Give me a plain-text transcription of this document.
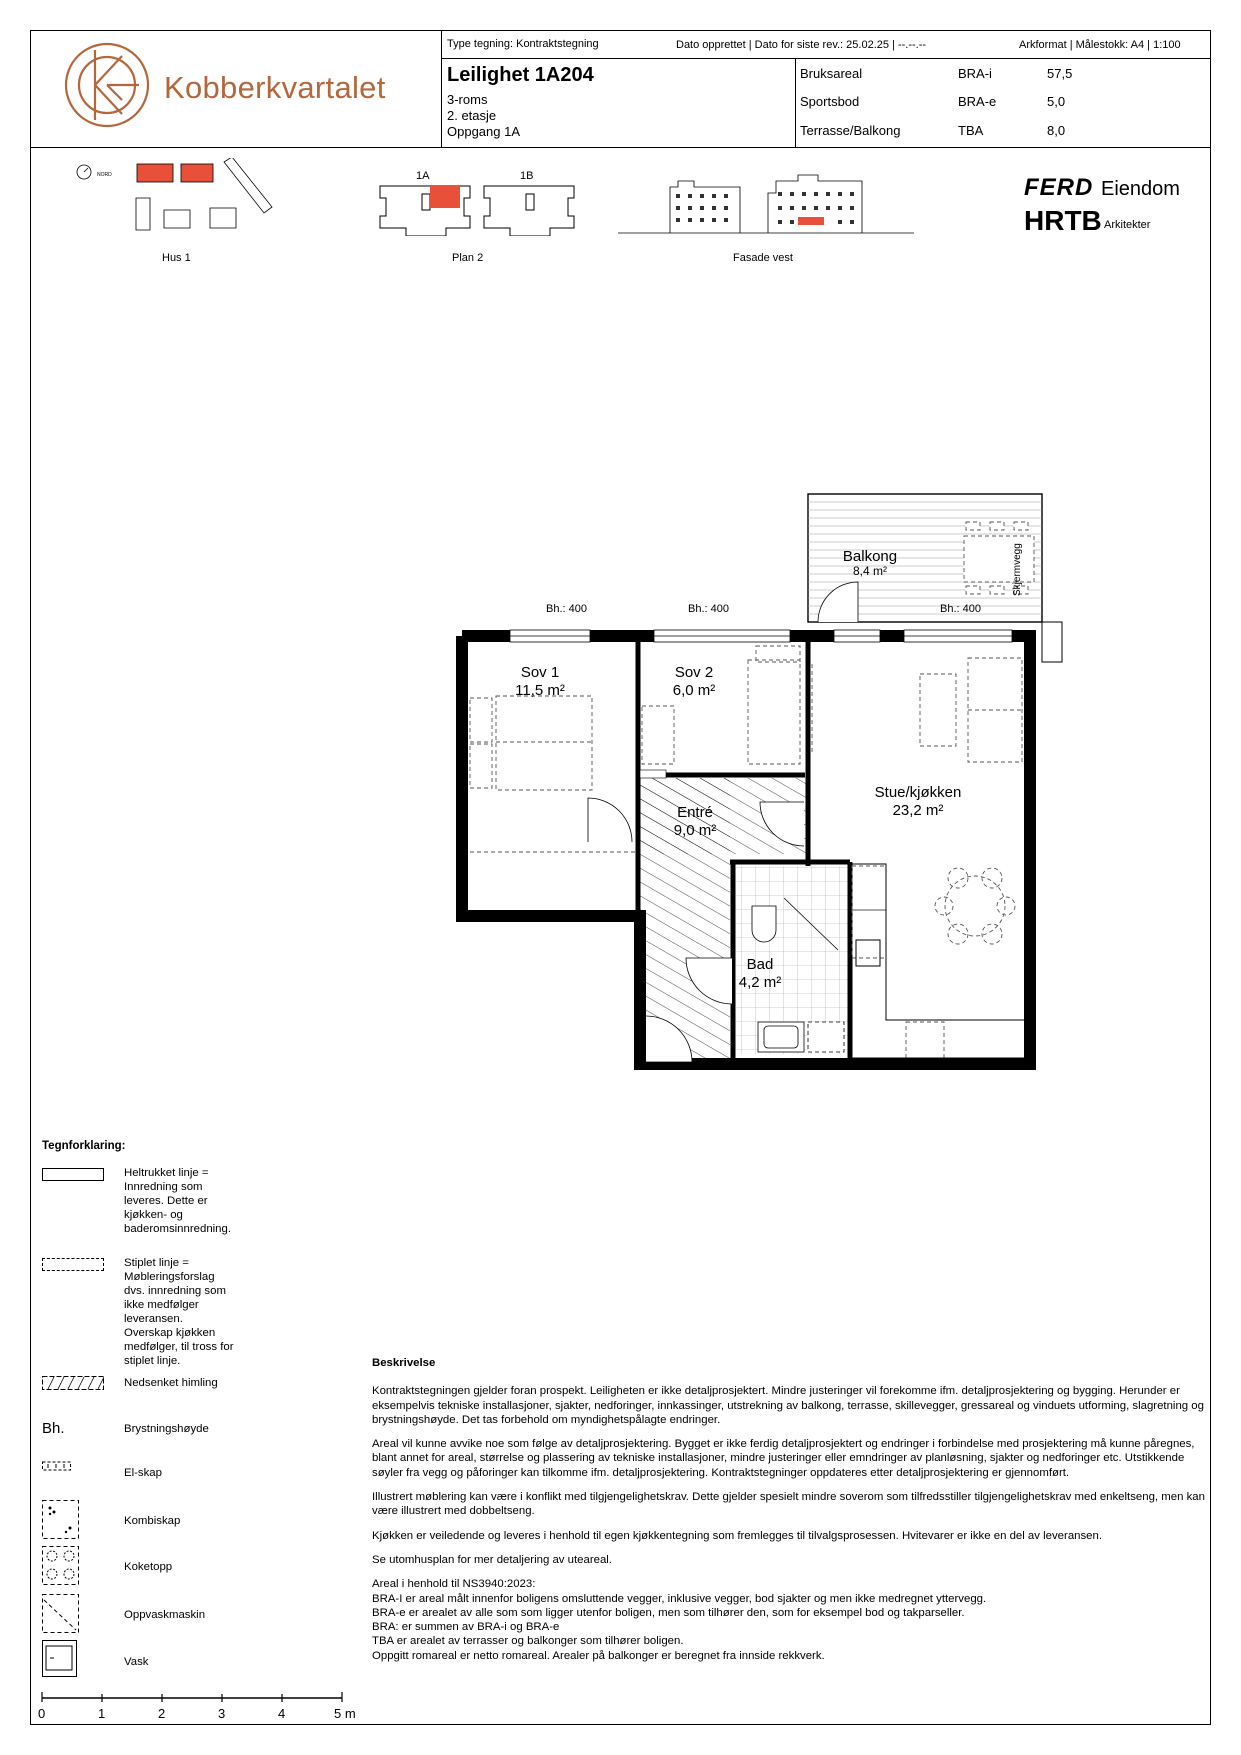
Kobberkvartalet
Type tegning: Kontraktstegning	Dato opprettet | Dato for siste rev.: 25.02.25 | --.--.--	Arkformat | Målestokk: A4 | 1:100
Leilighet 1A204
3-roms
2. etasje
Oppgang 1A
Bruksareal	BRA-i	57,5
Sportsbod	BRA-e	5,0
Terrasse/Balkong	TBA	8,0
NORD
Hus 1
1A	1B
Plan 2	Fasade vest
FERD Eiendom
HRTB Arkitekter
Sov 1
11,5 m²
Sov 2
6,0 m²
Entré
9,0 m²
Bad
4,2 m²
Stue/kjøkken
23,2 m²
Balkong
8,4 m²
Bh.: 400	Bh.: 400	Bh.: 400
Skjermvegg
Tegnforklaring:
Heltrukket linje = Innredning som leveres. Dette er kjøkken- og baderomsinnredning.
Stiplet linje = Møbleringsforslag dvs. innredning som ikke medfølger leveransen. Overskap kjøkken medfølger, til tross for stiplet linje.
Nedsenket himling
Bh.	Brystningshøyde
El-skap
Kombiskap
Koketopp
Oppvaskmaskin
Vask
0	1	2	3	4	5 m

Beskrivelse

Kontraktstegningen gjelder foran prospekt. Leiligheten er ikke detaljprosjektert. Mindre justeringer vil forekomme ifm. detaljprosjektering og bygging. Herunder er eksempelvis tekniske installasjoner, sjakter, nedforinger, innkassinger, utstrekning av balkong, terrasse, skillevegger, gressareal og vinduets utforming, slagretning og brystningshøyde. Det tas forbehold om myndighetspålagte endringer.

Areal vil kunne avvike noe som følge av detaljprosjektering. Bygget er ikke ferdig detaljprosjektert og endringer i forbindelse med prosjektering må kunne påregnes, blant annet for areal, størrelse og plassering av tekniske installasjoner, mindre justeringer eller emndringer av planløsning, sjakter og nedforinger etc. Utstikkende søyler fra vegg og påforinger kan tilkomme ifm. detaljprosjektering. Kontraktstegninger oppdateres etter detaljprosjektering er gjennomført.

Illustrert møblering kan være i konflikt med tilgjengelighetskrav. Dette gjelder spesielt mindre soverom som tilfredsstiller tilgjengelighetskrav med enkeltseng, men kan være illustrert med dobbeltseng.

Kjøkken er veiledende og leveres i henhold til egen kjøkkentegning som fremlegges til tilvalgsprosessen. Hvitevarer er ikke en del av leveransen.

Se utomhusplan for mer detaljering av uteareal.

Areal i henhold til NS3940:2023:
BRA-I er areal målt innenfor boligens omsluttende vegger, inklusive vegger, bod sjakter og men ikke medregnet yttervegg.
BRA-e er arealet av alle som som ligger utenfor boligen, men som tilhører den, som for eksempel bod og takparseller.
BRA: er summen av BRA-i og BRA-e
TBA er arealet av terrasser og balkonger som tilhører boligen.
Oppgitt romareal er netto romareal. Arealer på balkonger er beregnet fra innside rekkverk.
